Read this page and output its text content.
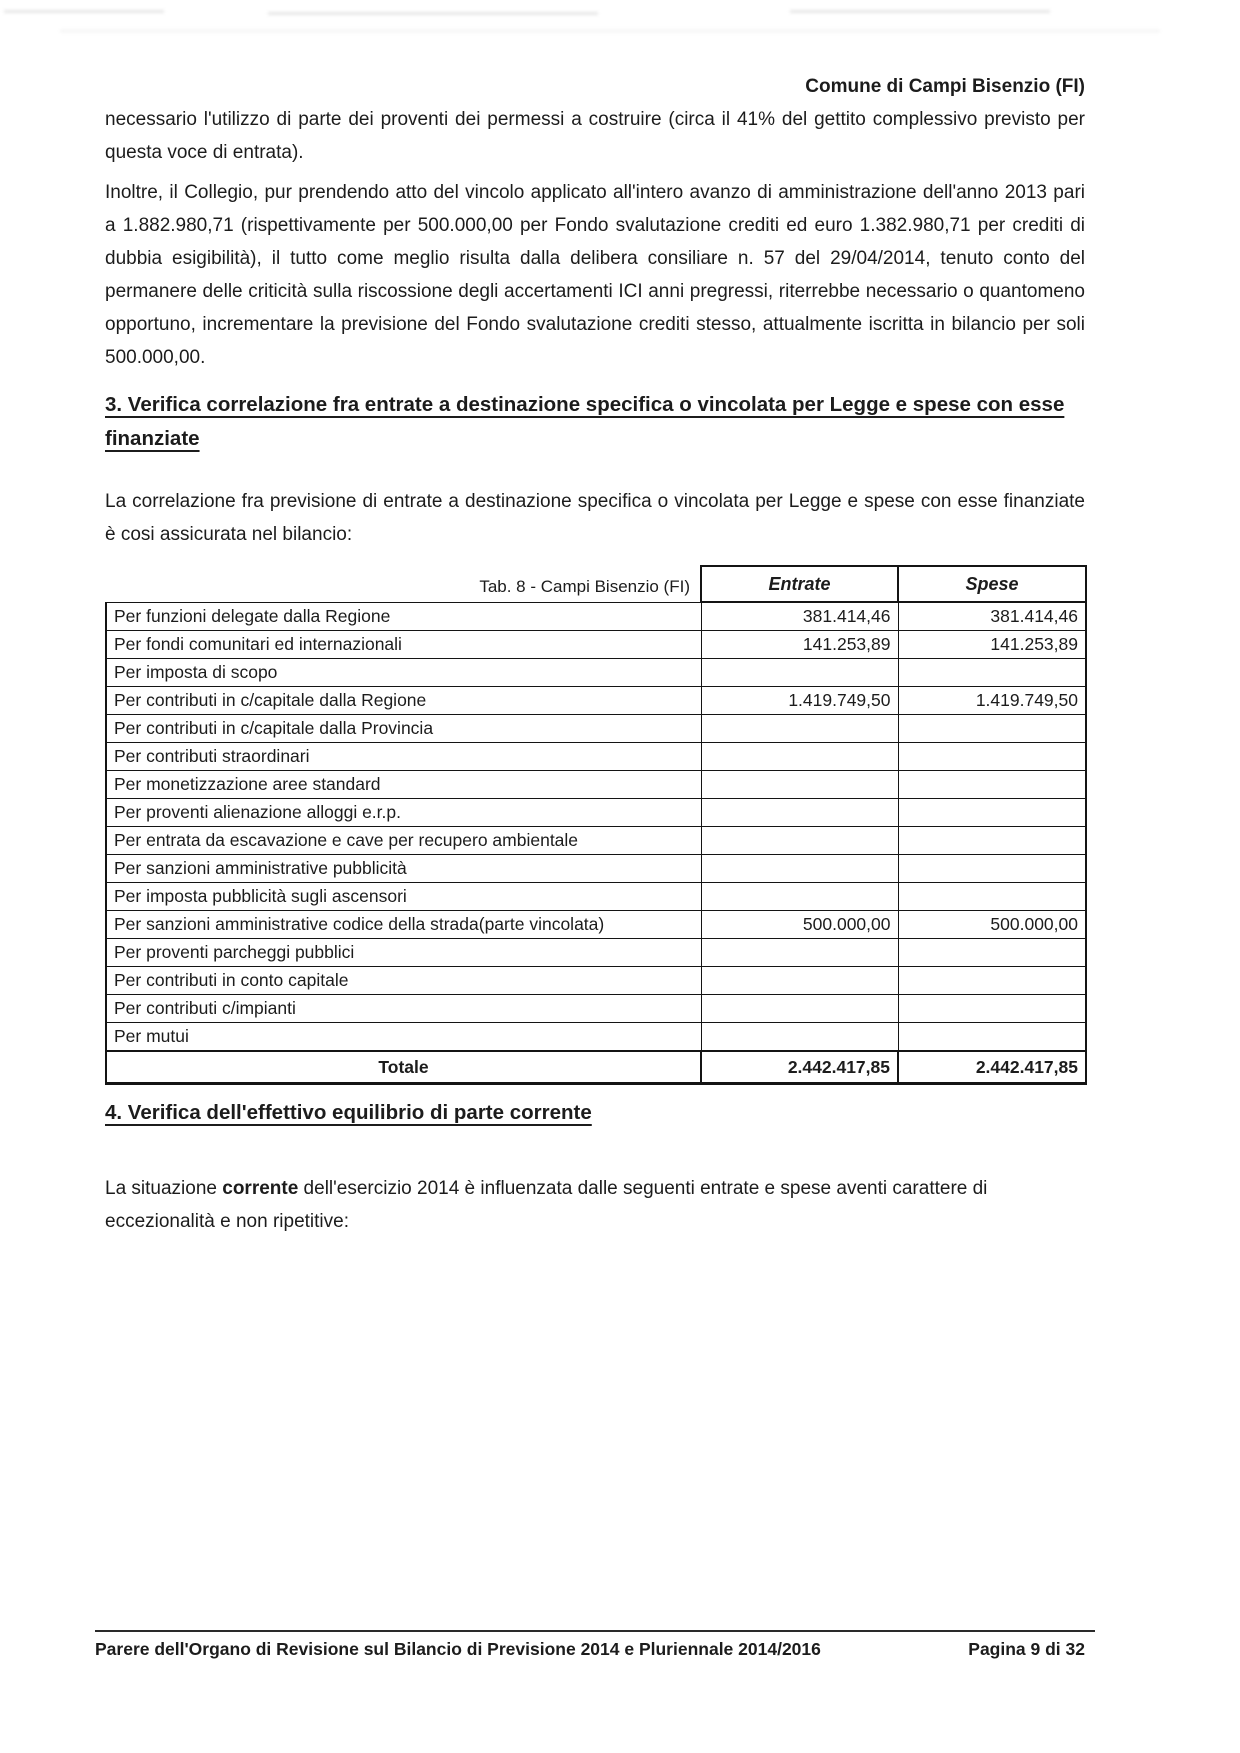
Comune di Campi Bisenzio (FI)
necessario l'utilizzo di parte dei proventi dei permessi a costruire (circa il 41% del gettito complessivo previsto per questa voce di entrata).
Inoltre, il Collegio, pur prendendo atto del vincolo applicato all'intero avanzo di amministrazione dell'anno 2013 pari a 1.882.980,71 (rispettivamente per 500.000,00 per Fondo svalutazione crediti ed euro 1.382.980,71 per crediti di dubbia esigibilità), il tutto come meglio risulta dalla delibera consiliare n. 57 del 29/04/2014, tenuto conto del permanere delle criticità sulla riscossione degli accertamenti ICI anni pregressi, riterrebbe necessario o quantomeno opportuno, incrementare la previsione del Fondo svalutazione crediti stesso, attualmente iscritta in bilancio per soli 500.000,00.
3. Verifica correlazione fra entrate a destinazione specifica o vincolata per Legge e spese con esse finanziate
La correlazione fra previsione di entrate a destinazione specifica o vincolata per Legge e spese con esse finanziate è cosi assicurata nel bilancio:
Tab. 8 - Campi Bisenzio (FI)	Entrate	Spese
Per funzioni delegate dalla Regione	381.414,46	381.414,46
Per fondi comunitari ed internazionali	141.253,89	141.253,89
Per imposta di scopo		
Per contributi in c/capitale dalla Regione	1.419.749,50	1.419.749,50
Per contributi in c/capitale dalla Provincia		
Per contributi straordinari		
Per monetizzazione aree standard		
Per proventi alienazione alloggi e.r.p.		
Per entrata da escavazione e cave per recupero ambientale		
Per sanzioni amministrative pubblicità		
Per imposta pubblicità sugli ascensori		
Per sanzioni amministrative codice della strada(parte vincolata)	500.000,00	500.000,00
Per proventi parcheggi pubblici		
Per contributi in conto capitale		
Per contributi c/impianti		
Per mutui		
Totale	2.442.417,85	2.442.417,85
4. Verifica dell'effettivo equilibrio di parte corrente
La situazione corrente dell'esercizio 2014 è influenzata dalle seguenti entrate e spese aventi carattere di eccezionalità e non ripetitive:
Parere dell'Organo di Revisione sul Bilancio di Previsione 2014 e Pluriennale 2014/2016	Pagina 9 di 32
